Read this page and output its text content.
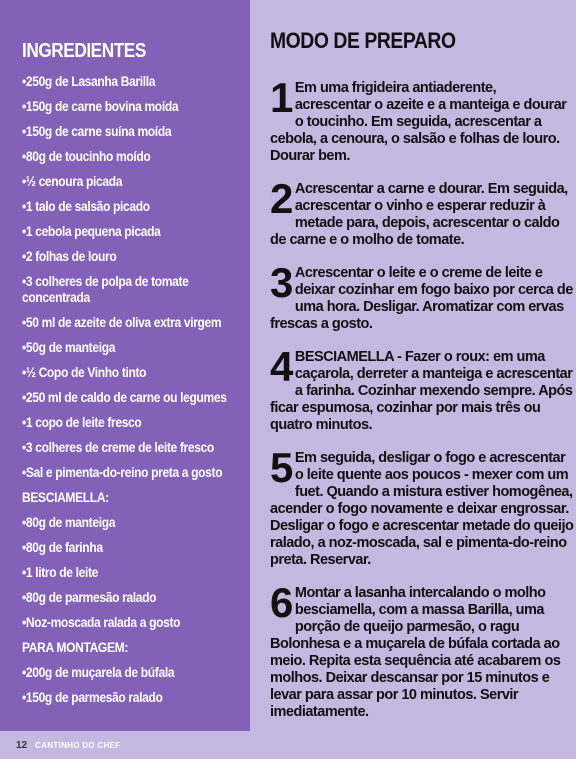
INGREDIENTES
•250g de Lasanha Barilla
•150g de carne bovina moída
•150g de carne suína moída
•80g de toucinho moído
•½ cenoura picada
•1 talo de salsão picado
•1 cebola pequena picada
•2 folhas de louro
•3 colheres de polpa de tomate concentrada
•50 ml de azeite de oliva extra virgem
•50g de manteiga
•½ Copo de Vinho tinto
•250 ml de caldo de carne ou legumes
•1 copo de leite fresco
•3 colheres de creme de leite fresco
•Sal e pimenta-do-reino preta a gosto
BESCIAMELLA:
•80g de manteiga
•80g de farinha
•1 litro de leite
•80g de parmesão ralado
•Noz-moscada ralada a gosto
PARA MONTAGEM:
•200g de muçarela de búfala
•150g de parmesão ralado
MODO DE PREPARO
1 Em uma frigideira antiaderente, acrescentar o azeite e a manteiga e dourar o toucinho. Em seguida, acrescentar a cebola, a cenoura, o salsão e folhas de louro. Dourar bem.
2 Acrescentar a carne e dourar. Em seguida, acrescentar o vinho e esperar reduzir à metade para, depois, acrescentar o caldo de carne e o molho de tomate.
3 Acrescentar o leite e o creme de leite e deixar cozinhar em fogo baixo por cerca de uma hora. Desligar. Aromatizar com ervas frescas a gosto.
4 BESCIAMELLA - Fazer o roux: em uma caçarola, derreter a manteiga e acrescentar a farinha. Cozinhar mexendo sempre. Após ficar espumosa, cozinhar por mais três ou quatro minutos.
5 Em seguida, desligar o fogo e acrescentar o leite quente aos poucos - mexer com um fuet. Quando a mistura estiver homogênea, acender o fogo novamente e deixar engrossar. Desligar o fogo e acrescentar metade do queijo ralado, a noz-moscada, sal e pimenta-do-reino preta. Reservar.
6 Montar a lasanha intercalando o molho besciamella, com a massa Barilla, uma porção de queijo parmesão, o ragu Bolonhesa e a muçarela de búfala cortada ao meio. Repita esta sequência até acabarem os molhos. Deixar descansar por 15 minutos e levar para assar por 10 minutos. Servir imediatamente.
12 CANTINHO DO CHEF
